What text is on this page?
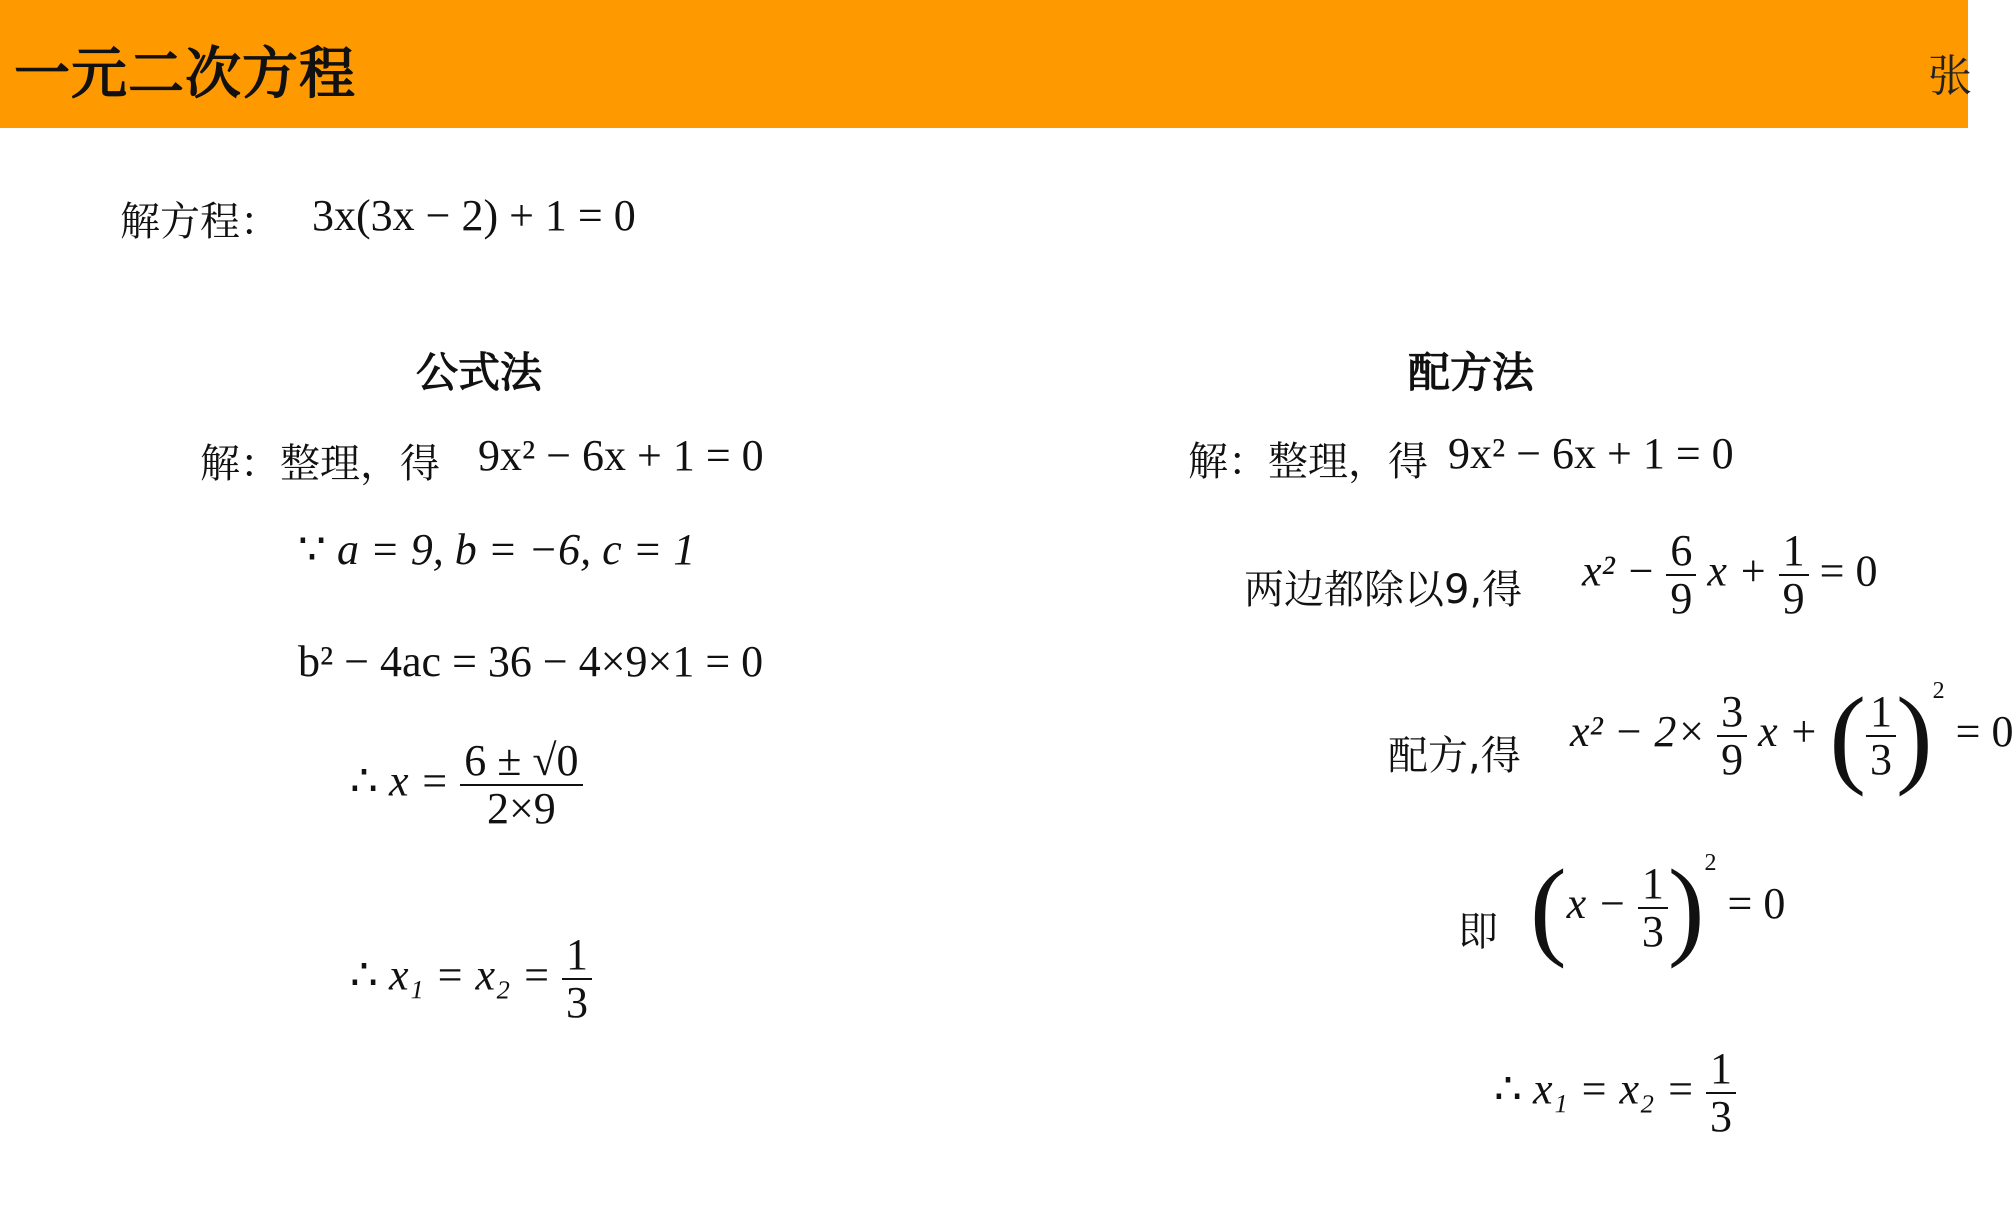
一元二次方程	张
解方程： 3x(3x − 2) + 1 = 0
公式法
解：整理，得 9x² − 6x + 1 = 0
∵ a = 9, b = −6, c = 1
b² − 4ac = 36 − 4×9×1 = 0
∴ $x = \frac{6 \pm √0}{2\times 9}$
∴ $x_1 = x_2 = \frac{1}{3}$
配方法
解：整理，得 9x² − 6x + 1 = 0
两边都除以9,得 $x^2 - \frac{6}{9}$ $x + \frac{1}{9} = 0$
配方,得 $x^2 - 2\times \frac{3}{9}$ x + ( $\frac{1}{3} )^2 = 0$
即 $(x - \frac{1}{3} )^2 = 0$
∴ $x_1 = x_2 = \frac{1}{3}$
